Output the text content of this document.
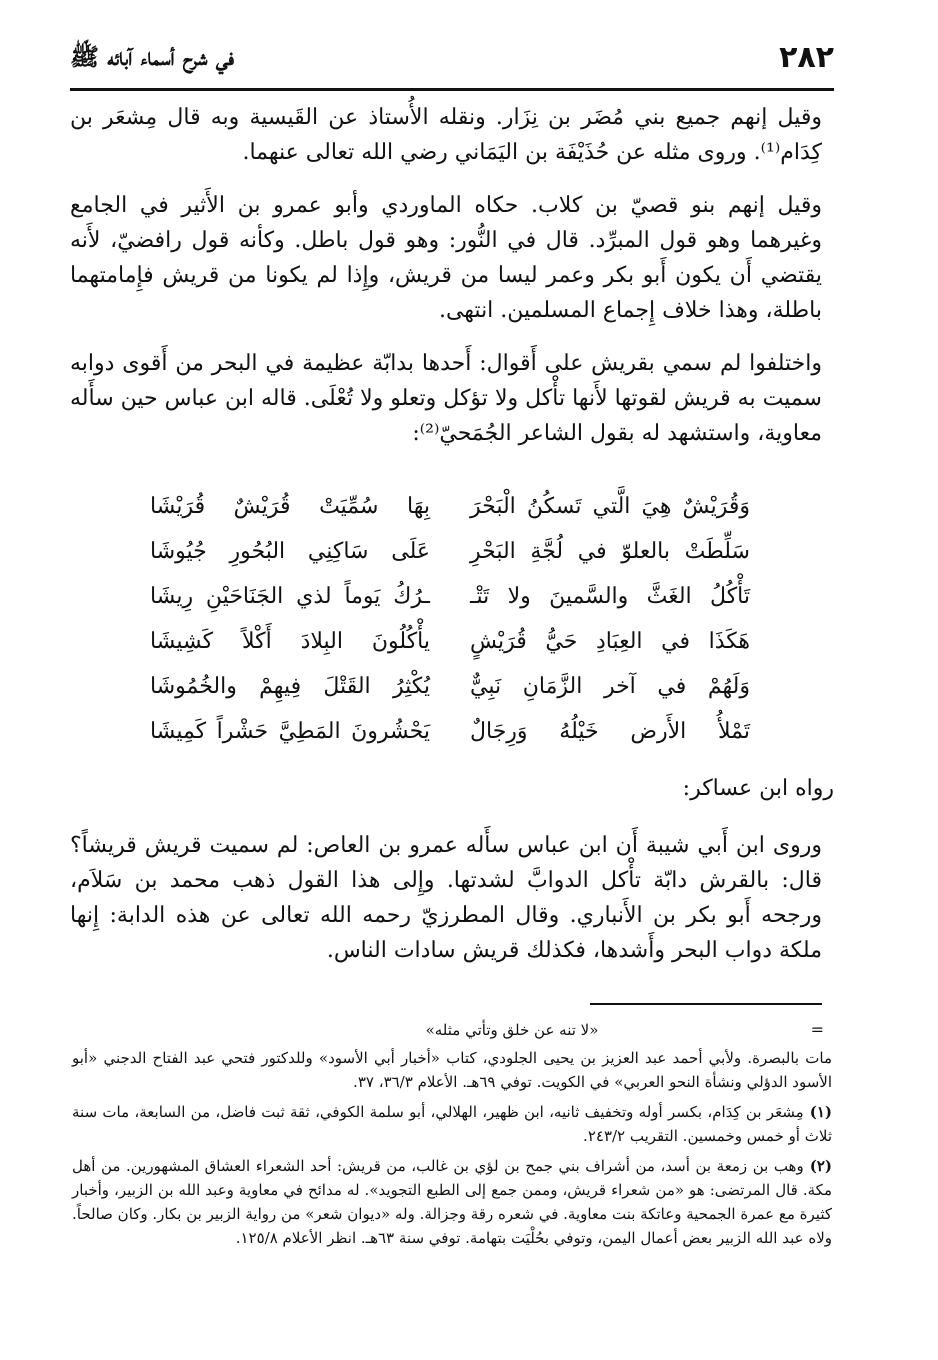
٢٨٢
في شرح أسماء آبائه ﷺ

وقيل إنهم جميع بني مُضَر بن نِزَار. ونقله الأُستاذ عن القَيسية وبه قال مِشعَر بن كِدَام⁽¹⁾. وروى مثله عن حُذَيْفَة بن اليَمَاني رضي الله تعالى عنهما.

وقيل إنهم بنو قصيّ بن كلاب. حكاه الماوردي وأبو عمرو بن الأَثير في الجامع وغيرهما وهو قول المبرِّد. قال في النُّور: وهو قول باطل. وكأنه قول رافضيّ، لأَنه يقتضي أَن يكون أَبو بكر وعمر ليسا من قريش، وإِذا لم يكونا من قريش فإِمامتهما باطلة، وهذا خلاف إِجماع المسلمين. انتهى.

واختلفوا لم سمي بقريش على أَقوال: أَحدها بدابّة عظيمة في البحر من أَقوى دوابه سميت به قريش لقوتها لأَنها تأْكل ولا تؤكل وتعلو ولا تُعْلَى. قاله ابن عباس حين سأَله معاوية، واستشهد له بقول الشاعر الجُمَحيّ⁽²⁾:

وَقُرَيْشٌ هِيَ الَّتي تَسكُنُ الْبَحْرَ
بِهَا سُمِّيَتْ قُرَيْشٌ قُرَيْشَا
سَلِّطَتْ بالعلوّ في لُجَّةِ البَحْرِ
عَلَى سَاكِنِي البُحُورِ جُيُوشَا
تَأْكُلُ الغَثَّ والسَّمينَ ولا تَتْـ
ـرُكُ يَوماً لذي الجَنَاحَيْنِ رِيشَا
هَكَذَا في العِبَادِ حَيُّ قُرَيْشٍ
يأْكُلُونَ البِلادَ أَكْلاً كَشِيشَا
وَلَهُمْ في آخر الزَّمَانِ نَبِيٌّ
يُكْثِرُ القَتْلَ فِيهِمْ والخُمُوشَا
تَمْلأُ الأَرض خَيْلُهُ وَرِجَالٌ
يَحْشُرونَ المَطِيَّ حَشْراً كَمِيشَا
رواه ابن عساكر:

وروى ابن أَبي شيبة أَن ابن عباس سأَله عمرو بن العاص: لم سميت قريش قريشاً؟ قال: بالقرش دابّة تأْكل الدوابَّ لشدتها. وإِلى هذا القول ذهب محمد بن سَلاَم، ورجحه أَبو بكر بن الأَنباري. وقال المطرزيّ رحمه الله تعالى عن هذه الدابة: إِنها ملكة دواب البحر وأَشدها، فكذلك قريش سادات الناس.

=

«لا تنه عن خلق وتأتي مثله»

مات بالبصرة. ولأبي أحمد عبد العزيز بن يحيى الجلودي، كتاب «أخبار أبي الأسود» وللدكتور فتحي عبد الفتاح الدجني «أبو الأسود الدؤلي ونشأة النحو العربي» في الكويت. توفي ٦٩هـ. الأعلام ٣٦/٣، ٣٧.

(١)مِشعَر بن كِدَام، بكسر أوله وتخفيف ثانيه، ابن ظهير، الهلالي، أبو سلمة الكوفي، ثقة ثبت فاضل، من السابعة، مات سنة ثلاث أو خمس وخمسين. التقريب ٢٤٣/٢.

(٢)وهب بن زمعة بن أسد، من أشراف بني جمح بن لؤي بن غالب، من قريش: أحد الشعراء العشاق المشهورين. من أهل مكة. قال المرتضى: هو «من شعراء قريش، وممن جمع إلى الطبع التجويد». له مدائح في معاوية وعبد الله بن الزبير، وأخبار كثيرة مع عمرة الجمحية وعاتكة بنت معاوية. في شعره رقة وجزالة. وله «ديوان شعر» من رواية الزبير بن بكار. وكان صالحاً. ولاه عبد الله الزبير بعض أعمال اليمن، وتوفي بحُلْيَت بتهامة. توفي سنة ٦٣هـ. انظر الأعلام ١٢٥/٨.
